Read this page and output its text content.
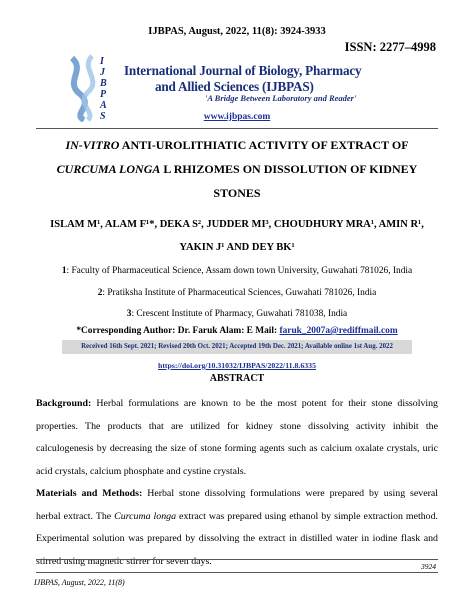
IJBPAS, August, 2022, 11(8): 3924-3933
ISSN: 2277–4998
I
J
B
P
A
S
International Journal of Biology, Pharmacy
and Allied Sciences (IJBPAS)
'A Bridge Between Laboratory and Reader'
www.ijbpas.com
IN-VITRO ANTI-UROLITHIATIC ACTIVITY OF EXTRACT OF
CURCUMA LONGA L RHIZOMES ON DISSOLUTION OF KIDNEY
STONES
ISLAM M¹, ALAM F¹*, DEKA S², JUDDER MI³, CHOUDHURY MRA¹, AMIN R¹,
YAKIN J¹ AND DEY BK¹
1: Faculty of Pharmaceutical Science, Assam down town University, Guwahati 781026, India
2: Pratiksha Institute of Pharmaceutical Sciences, Guwahati 781026, India
3: Crescent Institute of Pharmacy, Guwahati 781038, India
*Corresponding Author: Dr. Faruk Alam: E Mail: faruk_2007a@rediffmail.com
Received 16th Sept. 2021; Revised 20th Oct. 2021; Accepted 19th Dec. 2021; Available online 1st Aug. 2022
https://doi.org/10.31032/IJBPAS/2022/11.8.6335
ABSTRACT
Background: Herbal formulations are known to be the most potent for their stone dissolving properties. The products that are utilized for kidney stone dissolving activity inhibit the calculogenesis by decreasing the size of stone forming agents such as calcium oxalate crystals, uric acid crystals, calcium phosphate and cystine crystals.
Materials and Methods: Herbal stone dissolving formulations were prepared by using several herbal extract. The Curcuma longa extract was prepared using ethanol by simple extraction method. Experimental solution was prepared by dissolving the extract in distilled water in iodine flask and stirred using magnetic stirrer for seven days.	3924
IJBPAS, August, 2022, 11(8)
